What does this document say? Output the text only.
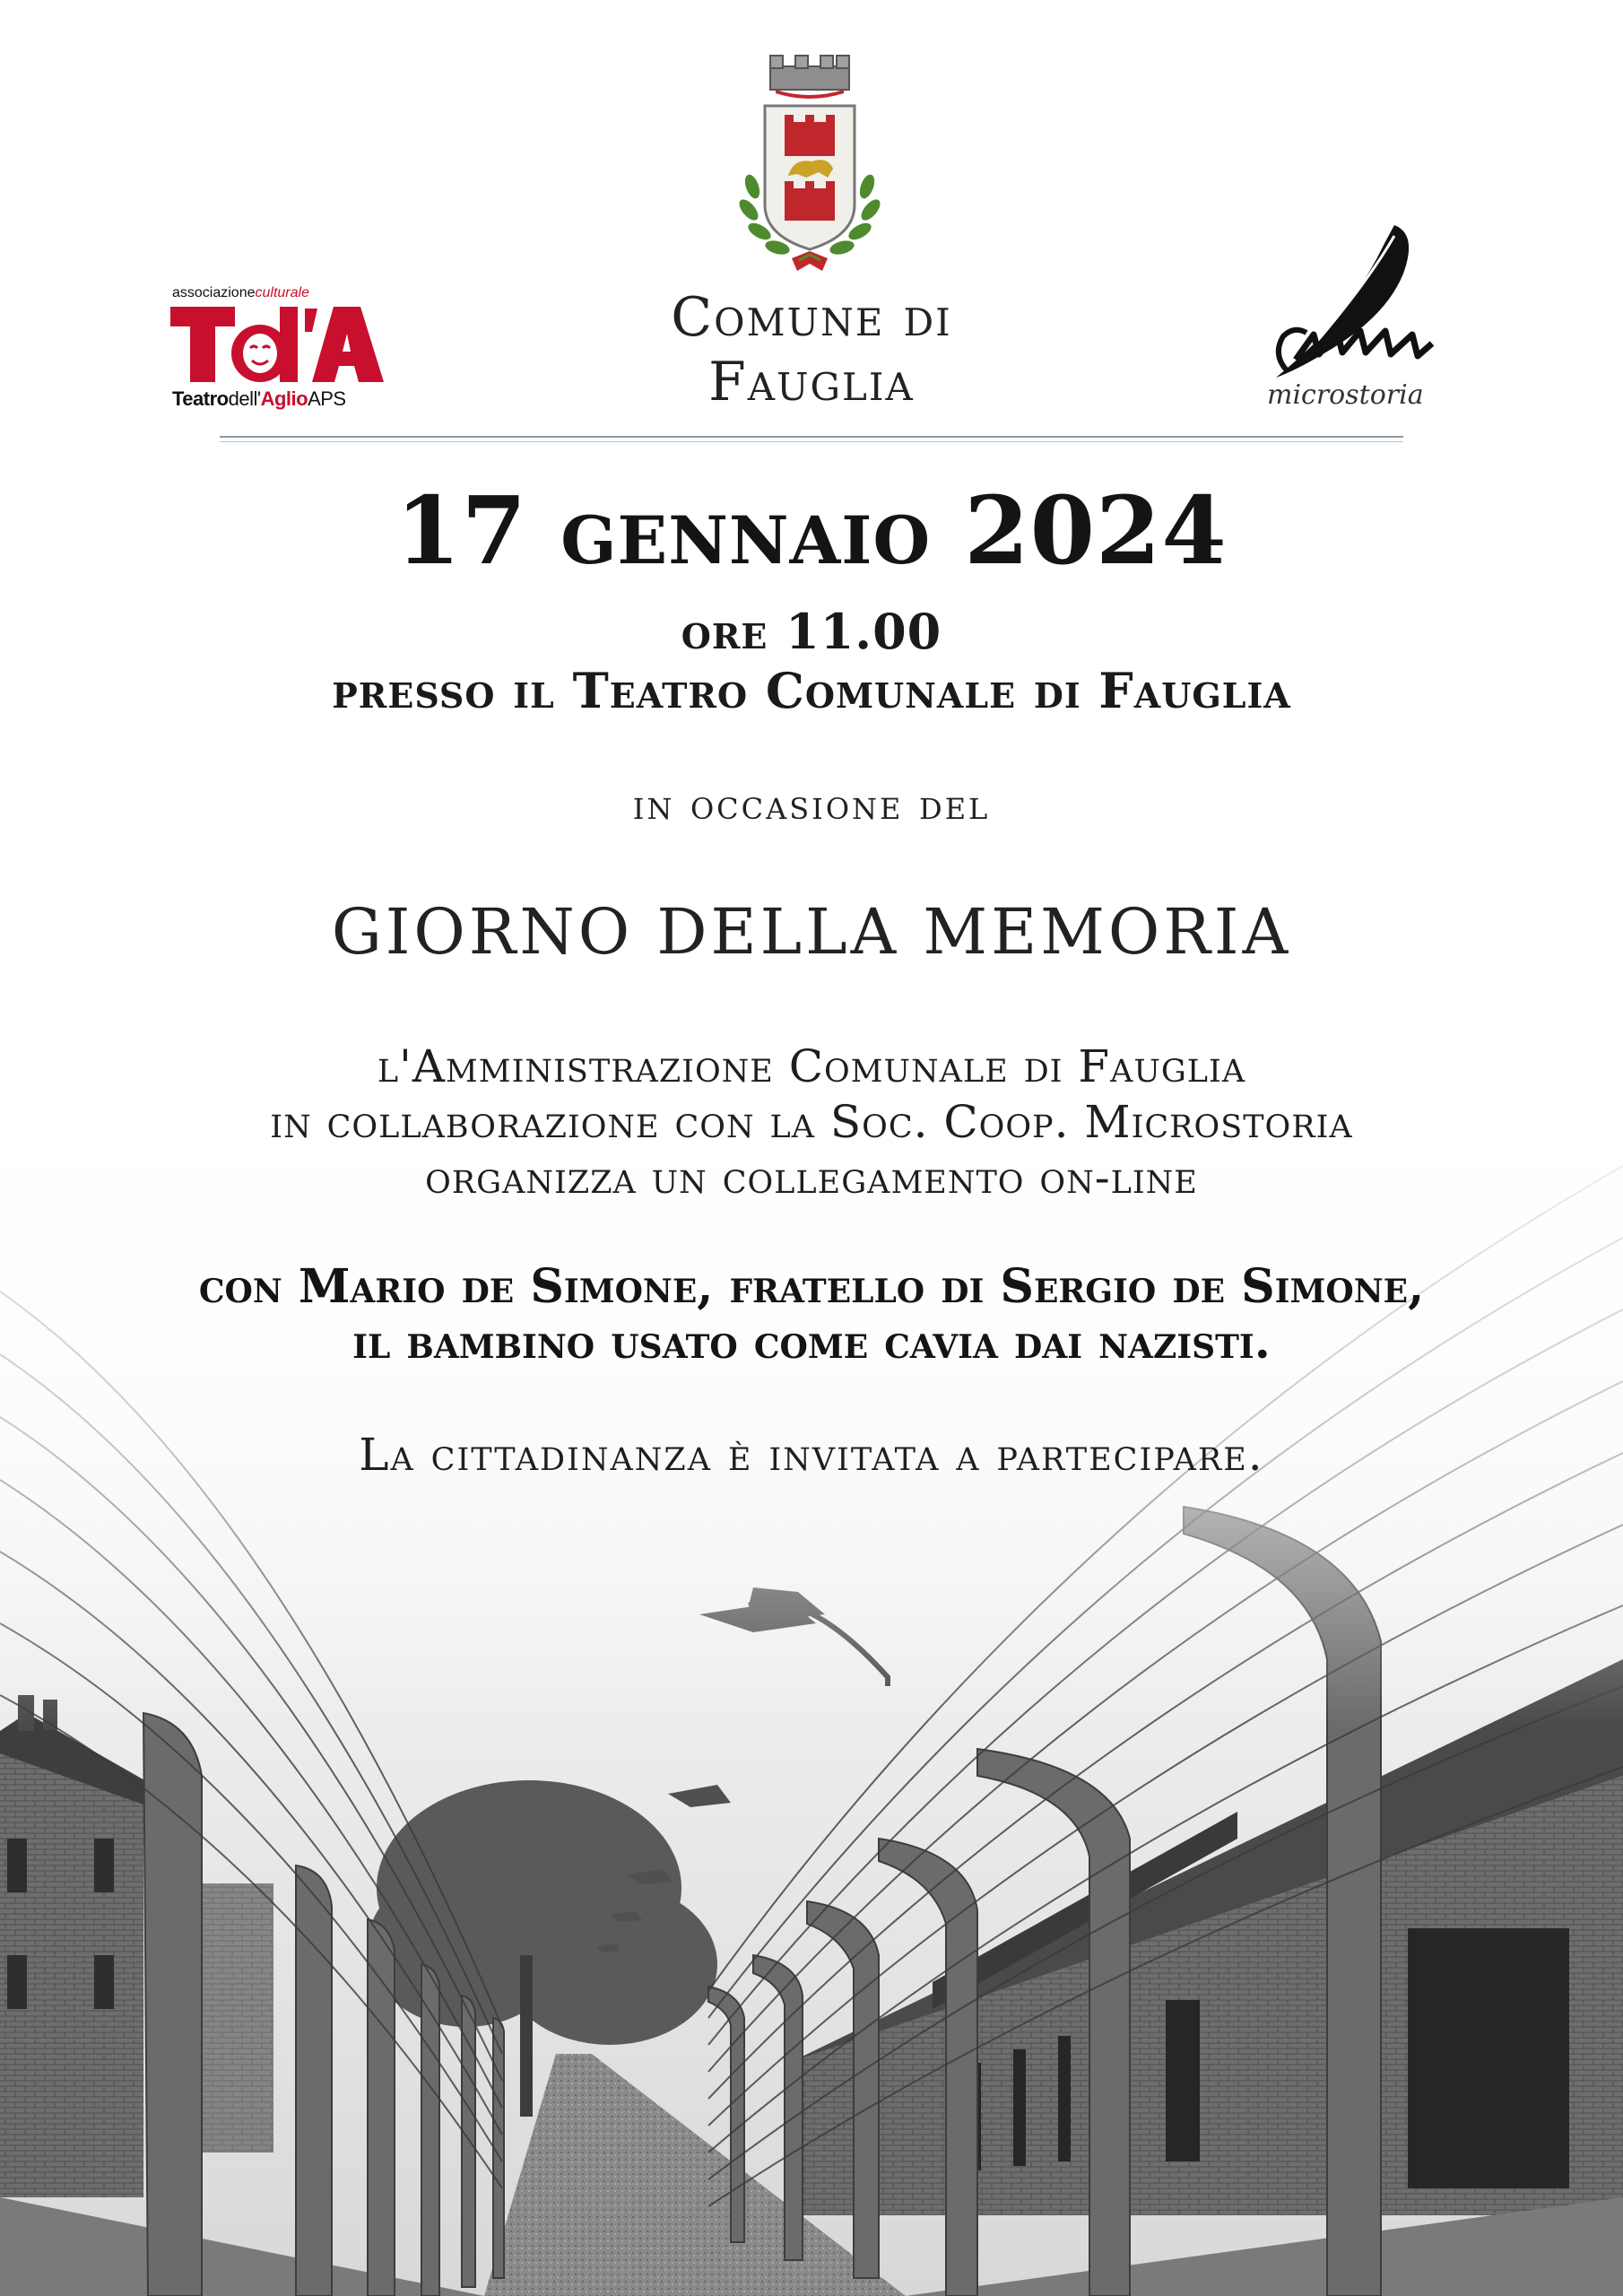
associazioneculturale
Teatrodell'AglioAPS
Comune di
Fauglia	microstoria
17 gennaio 2024
ore 11.00
presso il Teatro Comunale di Fauglia
in occasione del
GIORNO DELLA MEMORIA
l'Amministrazione Comunale di Fauglia
in collaborazione con la Soc. Coop. Microstoria
organizza un collegamento on-line
con Mario de Simone, fratello di Sergio de Simone,
il bambino usato come cavia dai nazisti.
La cittadinanza è invitata a partecipare.
